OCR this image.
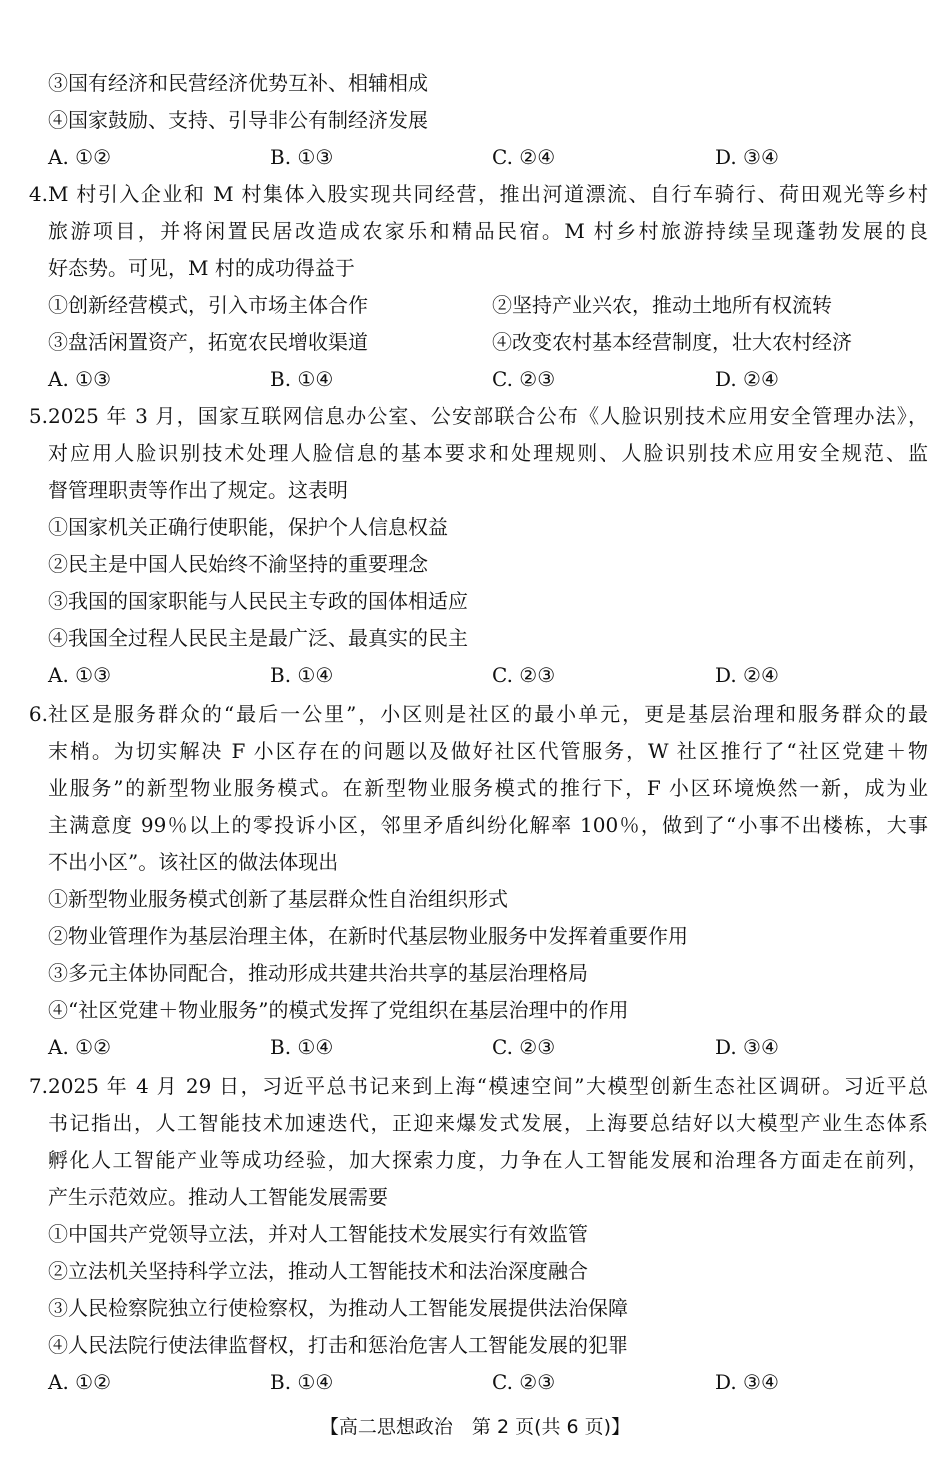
③国有经济和民营经济优势互补、相辅相成
④国家鼓励、支持、引导非公有制经济发展
A. ①②	B. ①③	C. ②④	D. ③④
4. M 村引入企业和 M 村集体入股实现共同经营，推出河道漂流、自行车骑行、荷田观光等乡村
旅游项目，并将闲置民居改造成农家乐和精品民宿。M 村乡村旅游持续呈现蓬勃发展的良
好态势。可见，M 村的成功得益于
①创新经营模式，引入市场主体合作	②坚持产业兴农，推动土地所有权流转
③盘活闲置资产，拓宽农民增收渠道	④改变农村基本经营制度，壮大农村经济
A. ①③	B. ①④	C. ②③	D. ②④
5. 2025 年 3 月，国家互联网信息办公室、公安部联合公布《人脸识别技术应用安全管理办法》，
对应用人脸识别技术处理人脸信息的基本要求和处理规则、人脸识别技术应用安全规范、监
督管理职责等作出了规定。这表明
①国家机关正确行使职能，保护个人信息权益
②民主是中国人民始终不渝坚持的重要理念
③我国的国家职能与人民民主专政的国体相适应
④我国全过程人民民主是最广泛、最真实的民主
A. ①③	B. ①④	C. ②③	D. ②④
6. 社区是服务群众的“最后一公里”，小区则是社区的最小单元，更是基层治理和服务群众的最
末梢。为切实解决 F 小区存在的问题以及做好社区代管服务，W 社区推行了“社区党建＋物
业服务”的新型物业服务模式。在新型物业服务模式的推行下，F 小区环境焕然一新，成为业
主满意度 99％以上的零投诉小区，邻里矛盾纠纷化解率 100％，做到了“小事不出楼栋，大事
不出小区”。该社区的做法体现出
①新型物业服务模式创新了基层群众性自治组织形式
②物业管理作为基层治理主体，在新时代基层物业服务中发挥着重要作用
③多元主体协同配合，推动形成共建共治共享的基层治理格局
④“社区党建＋物业服务”的模式发挥了党组织在基层治理中的作用
A. ①②	B. ①④	C. ②③	D. ③④
7. 2025 年 4 月 29 日，习近平总书记来到上海“模速空间”大模型创新生态社区调研。习近平总
书记指出，人工智能技术加速迭代，正迎来爆发式发展，上海要总结好以大模型产业生态体系
孵化人工智能产业等成功经验，加大探索力度，力争在人工智能发展和治理各方面走在前列，
产生示范效应。推动人工智能发展需要
①中国共产党领导立法，并对人工智能技术发展实行有效监管
②立法机关坚持科学立法，推动人工智能技术和法治深度融合
③人民检察院独立行使检察权，为推动人工智能发展提供法治保障
④人民法院行使法律监督权，打击和惩治危害人工智能发展的犯罪
A. ①②	B. ①④	C. ②③	D. ③④
【高二思想政治　第 2 页(共 6 页)】
